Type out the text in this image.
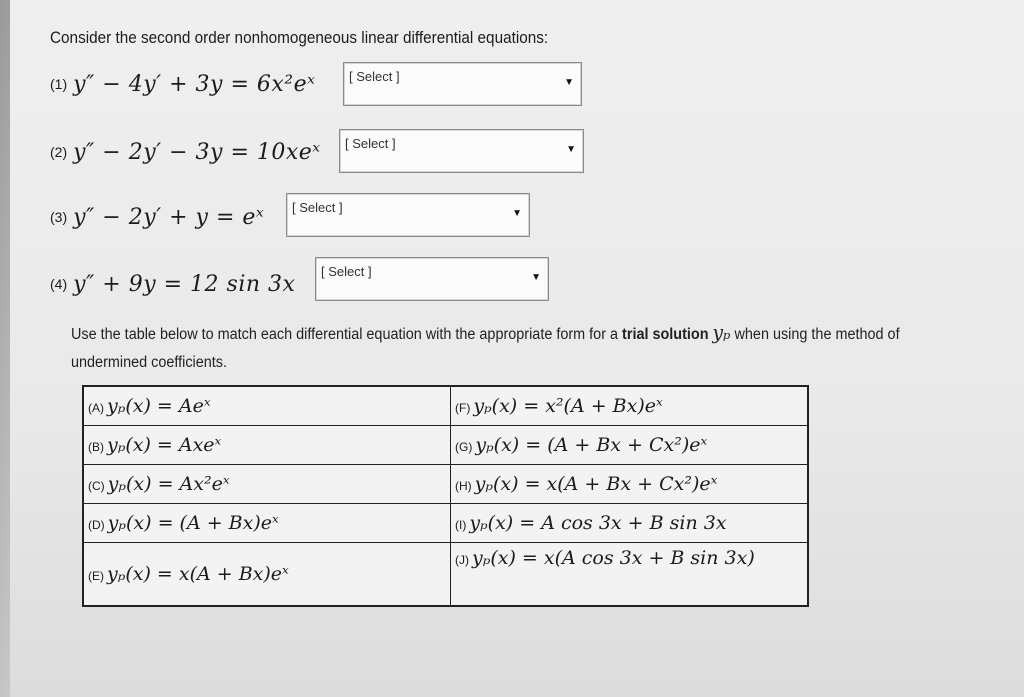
Consider the second order nonhomogeneous linear differential equations:
(1) y″ − 4y′ + 3y = 6x²eˣ	[ Select ]	▼
(2) y″ − 2y′ − 3y = 10xeˣ [ Select ]	▼
(3) y″ − 2y′ + y = eˣ [ Select ]	▼
(4) y″ + 9y = 12 sin 3x [ Select ]	▼
Use the table below to match each differential equation with the appropriate form for a trial solution yₚ when using the method of undermined coefficients.
(A) yₚ(x) = Aeˣ	(F) yₚ(x) = x²(A + Bx)eˣ
(B) yₚ(x) = Axeˣ	(G) yₚ(x) = (A + Bx + Cx²)eˣ
(C) yₚ(x) = Ax²eˣ	(H) yₚ(x) = x(A + Bx + Cx²)eˣ
(D) yₚ(x) = (A + Bx)eˣ	(I) yₚ(x) = A cos 3x + B sin 3x
(E) yₚ(x) = x(A + Bx)eˣ	(J) yₚ(x) = x(A cos 3x + B sin 3x)
